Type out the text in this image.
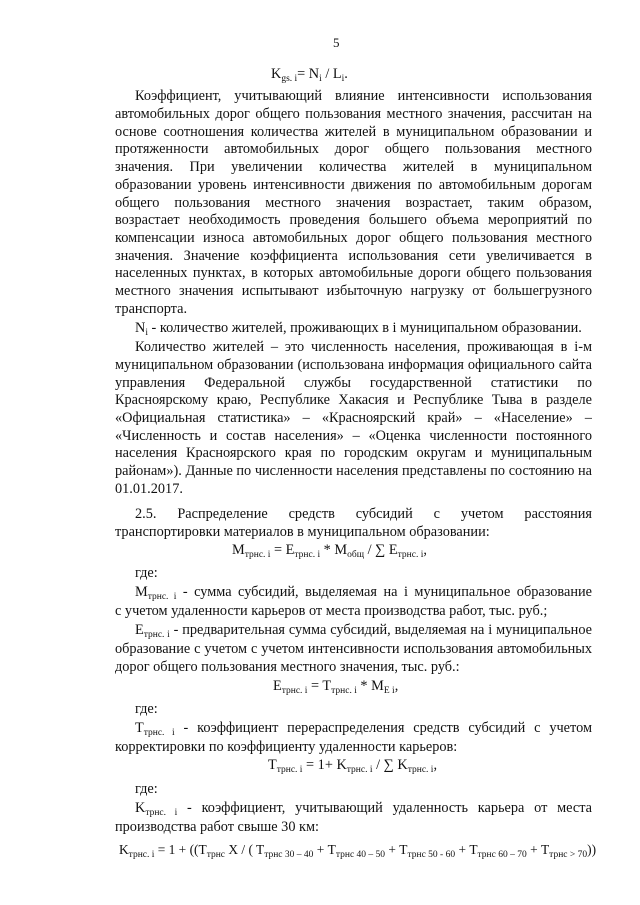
5
$K_{gs. i}= N_i / L_i$.
Коэффициент, учитывающий влияние интенсивности использования
автомобильных дорог общего пользования местного значения, рассчитан на
основе соотношения количества жителей в муниципальном образовании и
протяженности автомобильных дорог общего пользования местного
значения. При увеличении количества жителей в муниципальном
образовании уровень интенсивности движения по автомобильным дорогам
общего пользования местного значения возрастает, таким образом,
возрастает необходимость проведения большего объема мероприятий по
компенсации износа автомобильных дорог общего пользования местного
значения. Значение коэффициента использования сети увеличивается в
населенных пунктах, в которых автомобильные дороги общего пользования
местного значения испытывают избыточную нагрузку от большегрузного
транспорта.
$N_i$ - количество жителей, проживающих в i муниципальном образовании.
Количество жителей – это численность населения, проживающая в i-м
муниципальном образовании (использована информация официального сайта
управления Федеральной службы государственной статистики по
Красноярскому краю, Республике Хакасия и Республике Тыва в разделе
«Официальная статистика» – «Красноярский край» – «Население» –
«Численность и состав населения» – «Оценка численности постоянного
населения Красноярского края по городским округам и муниципальным
районам»). Данные по численности населения представлены по состоянию на
01.01.2017.
2.5. Распределение средств субсидий с учетом расстояния
транспортировки материалов в муниципальном образовании:
$M_{трнс. i} = E_{трнс. i} * M_{общ}$ / ∑ $E_{трнс. i}$,
где:
$M_{трнс. i}$ - сумма субсидий, выделяемая на i муниципальное образование
с учетом удаленности карьеров от места производства работ, тыс. руб.;
$E_{трнс. i}$ - предварительная сумма субсидий, выделяемая на i муниципальное
образование с учетом с учетом интенсивности использования автомобильных
дорог общего пользования местного значения, тыс. руб.:
$E_{трнс. i} = T_{трнс. i} * M_{E i}$,
где:
$T_{трнс. i}$ - коэффициент перераспределения средств субсидий с учетом
корректировки по коэффициенту удаленности карьеров:
$T_{трнс. i} = 1+ K_{трнс. i}$ / ∑ $K_{трнс. i}$,
где:
$K_{трнс. i}$ - коэффициент, учитывающий удаленность карьера от места
производства работ свыше 30 км:
$K_{трнс. i} = 1 + ((T_{трнс}$ X / ( $T_{трнс 30 - 40} + T_{трнс 40 - 50} + T_{трнс 50 - 60} + T_{трнс 60 - 70} + T_{трнс > 70}$))
